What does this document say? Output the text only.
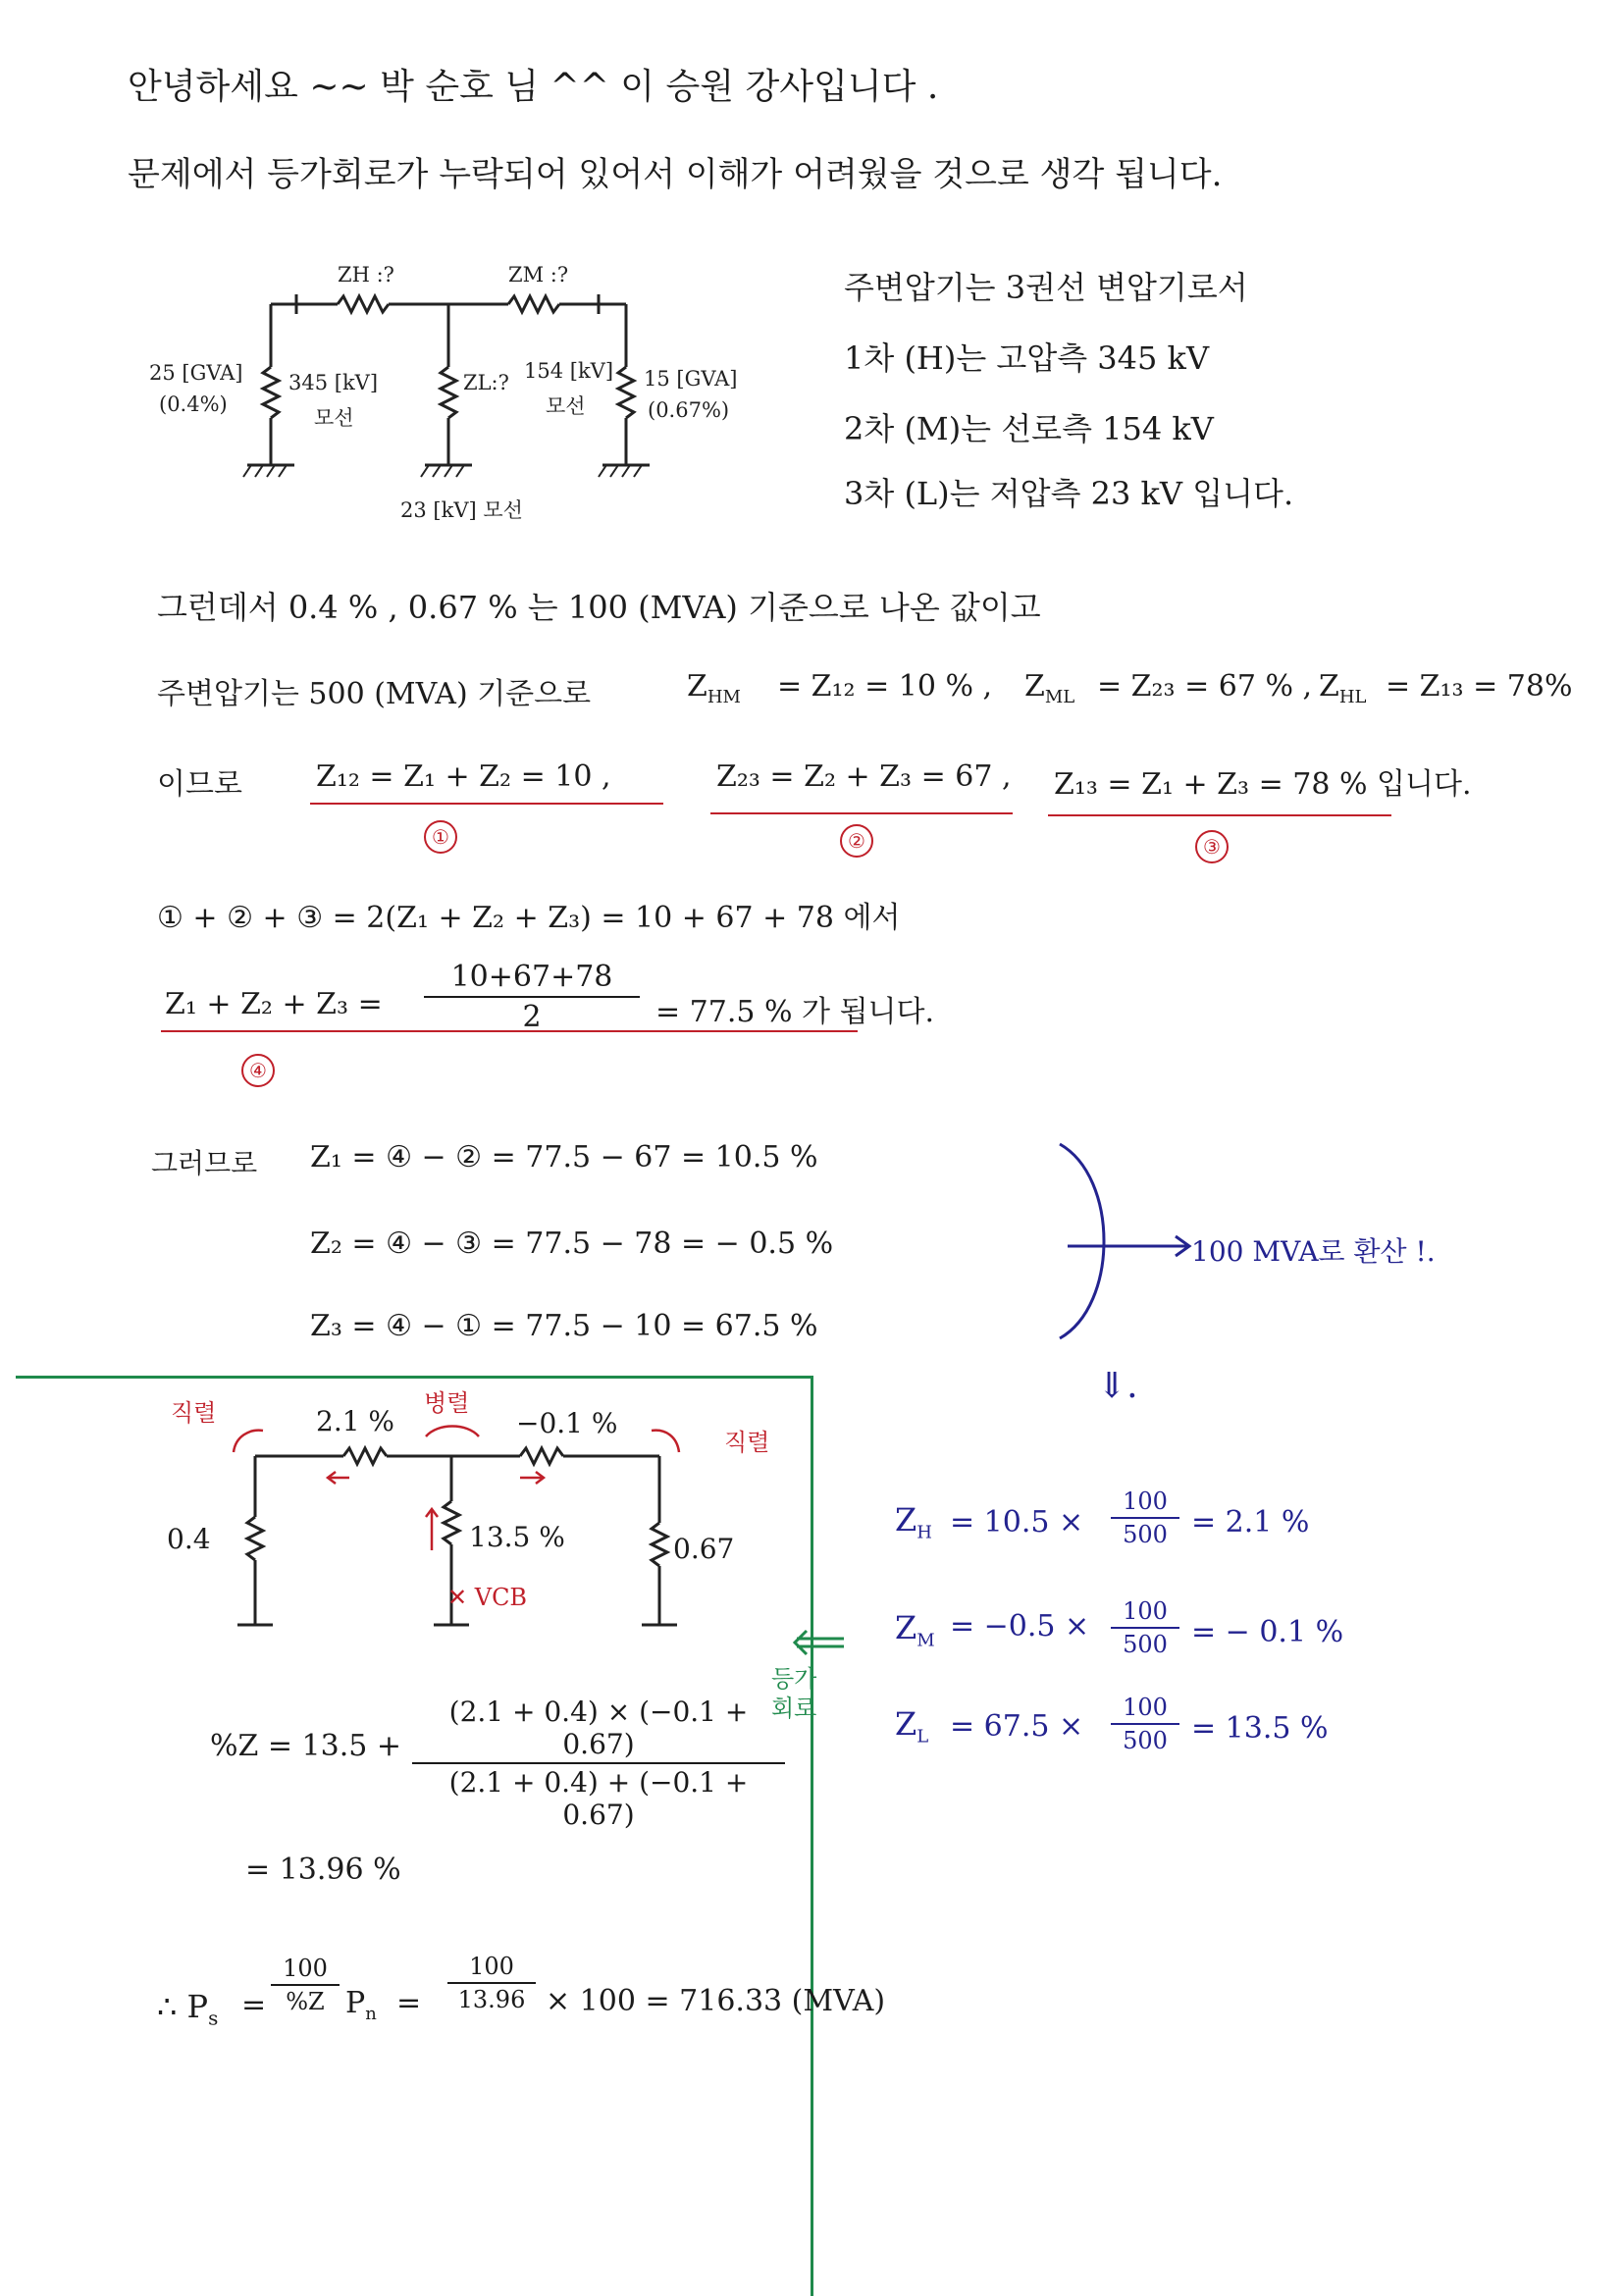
안녕하세요 ~~ 박 순호 님 ^^ 이 승원 강사입니다 .
문제에서 등가회로가 누락되어 있어서 이해가 어려웠을 것으로 생각 됩니다.
ZH :?	ZM :?
25 [GVA]
(0.4%)
345 [kV]
모선
ZL:? 154 [kV]
모선
15 [GVA]
(0.67%)
23 [kV] 모선
주변압기는 3권선 변압기로서
1차 (H)는 고압측 345 kV
2차 (M)는 선로측 154 kV
3차 (L)는 저압측 23 kV 입니다.
그런데서 0.4 % , 0.67 % 는 100 (MVA) 기준으로 나온 값이고
주변압기는 500 (MVA) 기준으로	$Z_{HM} = Z_{12} = 10$ % , $Z_{ML} = Z_{23} = 67$ % , $Z_{HL} = Z_{13} = 78\%$
이므로	Z₁₂ = Z₁ + Z₂ = 10 ,	Z₂₃ = Z₂ + Z₃ = 67 , Z₁₃ = Z₁ + Z₃ = 78 % 입니다.
①	②	③
① + ② + ③ = 2(Z₁ + Z₂ + Z₃) = 10 + 67 + 78 에서
Z₁ + Z₂ + Z₃ =
10+67+78
2	= 77.5 % 가 됩니다.
④
그러므로 Z₁ = ④ − ② = 77.5 − 67 = 10.5 %
Z₂ = ④ − ③ = 77.5 − 78 = − 0.5 %
Z₃ = ④ − ① = 77.5 − 10 = 67.5 %
100 MVA로 환산 !.
⇓.
직렬	병렬
직렬
2.1 %	−0.1 %
0.4	13.5 %	0.67
✕ VCB
등가
회로
$Z_H = 10.5$ ×
100
500 = 2.1 %
$Z_M = -0.5$ ×	100
500 = − 0.1 %
$Z_L = 67.5$ ×
100
500 = 13.5 %
%Z = 13.5 +
(2.1 + 0.4) × (−0.1 + 0.67)
(2.1 + 0.4) + (−0.1 + 0.67)
= 13.96 %
∴ $P_s$ =
100
%Z $P_n$ =
100
13.96 × 100 = 716.33 (MVA)
